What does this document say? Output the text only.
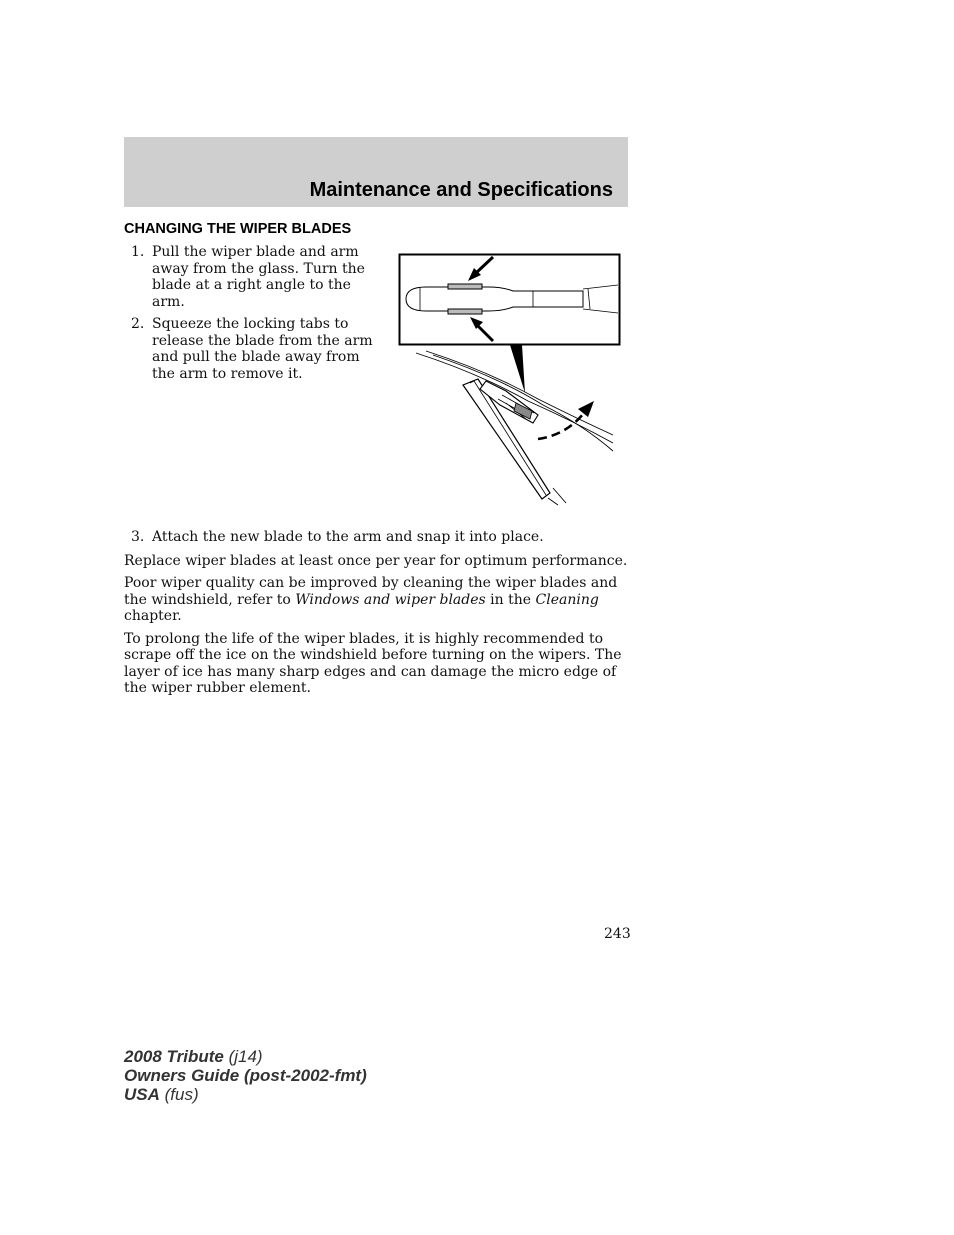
Maintenance and Specifications
CHANGING THE WIPER BLADES
1. Pull the wiper blade and arm away from the glass. Turn the blade at a right angle to the arm.
2. Squeeze the locking tabs to release the blade from the arm and pull the blade away from the arm to remove it.
3. Attach the new blade to the arm and snap it into place.

Replace wiper blades at least once per year for optimum performance.

Poor wiper quality can be improved by cleaning the wiper blades and the windshield, refer to Windows and wiper blades in the Cleaning chapter.

To prolong the life of the wiper blades, it is highly recommended to scrape off the ice on the windshield before turning on the wipers. The layer of ice has many sharp edges and can damage the micro edge of the wiper rubber element.

243
2008 Tribute (j14)
Owners Guide (post-2002-fmt)
USA (fus)
